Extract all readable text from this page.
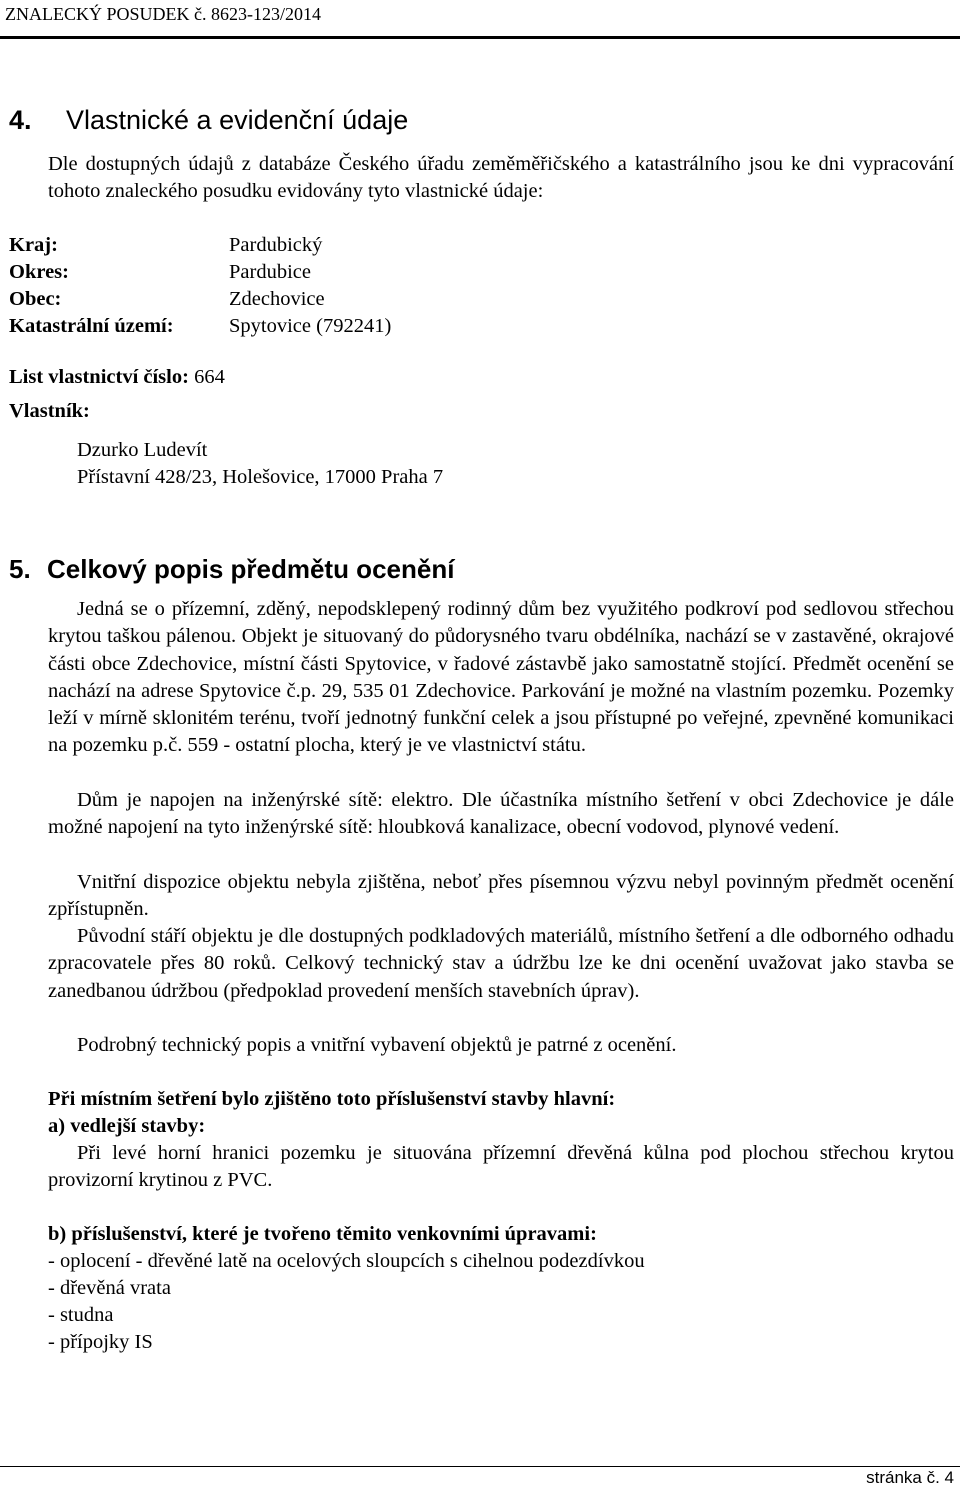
ZNALECKÝ POSUDEK č. 8623-123/2014
4. Vlastnické a evidenční údaje
Dle dostupných údajů z databáze Českého úřadu zeměměřičského a katastrálního jsou ke dni vypracování tohoto znaleckého posudku evidovány tyto vlastnické údaje:
Kraj:	Pardubický
Okres:	Pardubice
Obec:	Zdechovice
Katastrální území:	Spytovice (792241)
List vlastnictví číslo: 664
Vlastník:
Dzurko Ludevít
Přístavní 428/23, Holešovice, 17000 Praha 7
5. Celkový popis předmětu ocenění
Jedná se o přízemní, zděný, nepodsklepený rodinný dům bez využitého podkroví pod sedlovou střechou krytou taškou pálenou. Objekt je situovaný do půdorysného tvaru obdélníka, nachází se v zastavěné, okrajové části obce Zdechovice, místní části Spytovice, v řadové zástavbě jako samostatně stojící. Předmět ocenění se nachází na adrese Spytovice č.p. 29, 535 01 Zdechovice. Parkování je možné na vlastním pozemku. Pozemky leží v mírně sklonitém terénu, tvoří jednotný funkční celek a jsou přístupné po veřejné, zpevněné komunikaci na pozemku p.č. 559 - ostatní plocha, který je ve vlastnictví státu.
Dům je napojen na inženýrské sítě: elektro. Dle účastníka místního šetření v obci Zdechovice je dále možné napojení na tyto inženýrské sítě: hloubková kanalizace, obecní vodovod, plynové vedení.
Vnitřní dispozice objektu nebyla zjištěna, neboť přes písemnou výzvu nebyl povinným předmět ocenění zpřístupněn.
Původní stáří objektu je dle dostupných podkladových materiálů, místního šetření a dle odborného odhadu zpracovatele přes 80 roků. Celkový technický stav a údržbu lze ke dni ocenění uvažovat jako stavba se zanedbanou údržbou (předpoklad provedení menších stavebních úprav).
Podrobný technický popis a vnitřní vybavení objektů je patrné z ocenění.
Při místním šetření bylo zjištěno toto příslušenství stavby hlavní:
a) vedlejší stavby:
Při levé horní hranici pozemku je situována přízemní dřevěná kůlna pod plochou střechou krytou provizorní krytinou z PVC.
b) příslušenství, které je tvořeno těmito venkovními úpravami:
- oplocení - dřevěné latě na ocelových sloupcích s cihelnou podezdívkou
- dřevěná vrata
- studna
- přípojky IS
stránka č. 4
